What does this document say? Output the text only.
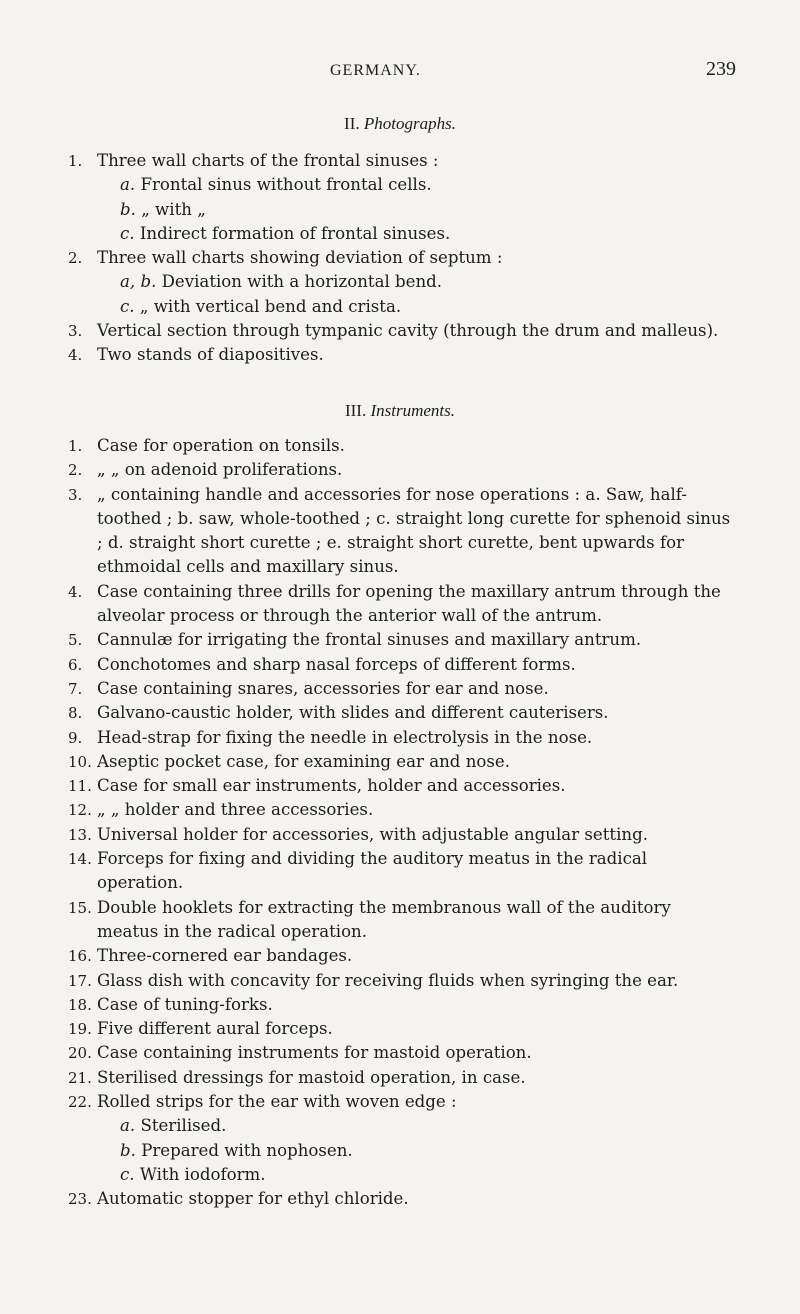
GERMANY.	239
II. Photographs.
1. Three wall charts of the frontal sinuses :
a. Frontal sinus without frontal cells.
b. „ with „
c. Indirect formation of frontal sinuses.
2. Three wall charts showing deviation of septum :
a, b. Deviation with a horizontal bend.
c. „ with vertical bend and crista.
3. Vertical section through tympanic cavity (through the drum and malleus).
4. Two stands of diapositives.
III. Instruments.
1. Case for operation on tonsils.
2. „ „ on adenoid proliferations.
3. „ containing handle and accessories for nose operations : a. Saw, half-toothed ; b. saw, whole-toothed ; c. straight long curette for sphenoid sinus ; d. straight short curette ; e. straight short curette, bent upwards for ethmoidal cells and maxillary sinus.
4. Case containing three drills for opening the maxillary antrum through the alveolar process or through the anterior wall of the antrum.
5. Cannulæ for irrigating the frontal sinuses and maxillary antrum.
6. Conchotomes and sharp nasal forceps of different forms.
7. Case containing snares, accessories for ear and nose.
8. Galvano-caustic holder, with slides and different cauterisers.
9. Head-strap for fixing the needle in electrolysis in the nose.
10. Aseptic pocket case, for examining ear and nose.
11. Case for small ear instruments, holder and accessories.
12. „ „ holder and three accessories.
13. Universal holder for accessories, with adjustable angular setting.
14. Forceps for fixing and dividing the auditory meatus in the radical operation.
15. Double hooklets for extracting the membranous wall of the auditory meatus in the radical operation.
16. Three-cornered ear bandages.
17. Glass dish with concavity for receiving fluids when syringing the ear.
18. Case of tuning-forks.
19. Five different aural forceps.
20. Case containing instruments for mastoid operation.
21. Sterilised dressings for mastoid operation, in case.
22. Rolled strips for the ear with woven edge :
a. Sterilised.
b. Prepared with nophosen.
c. With iodoform.
23. Automatic stopper for ethyl chloride.
